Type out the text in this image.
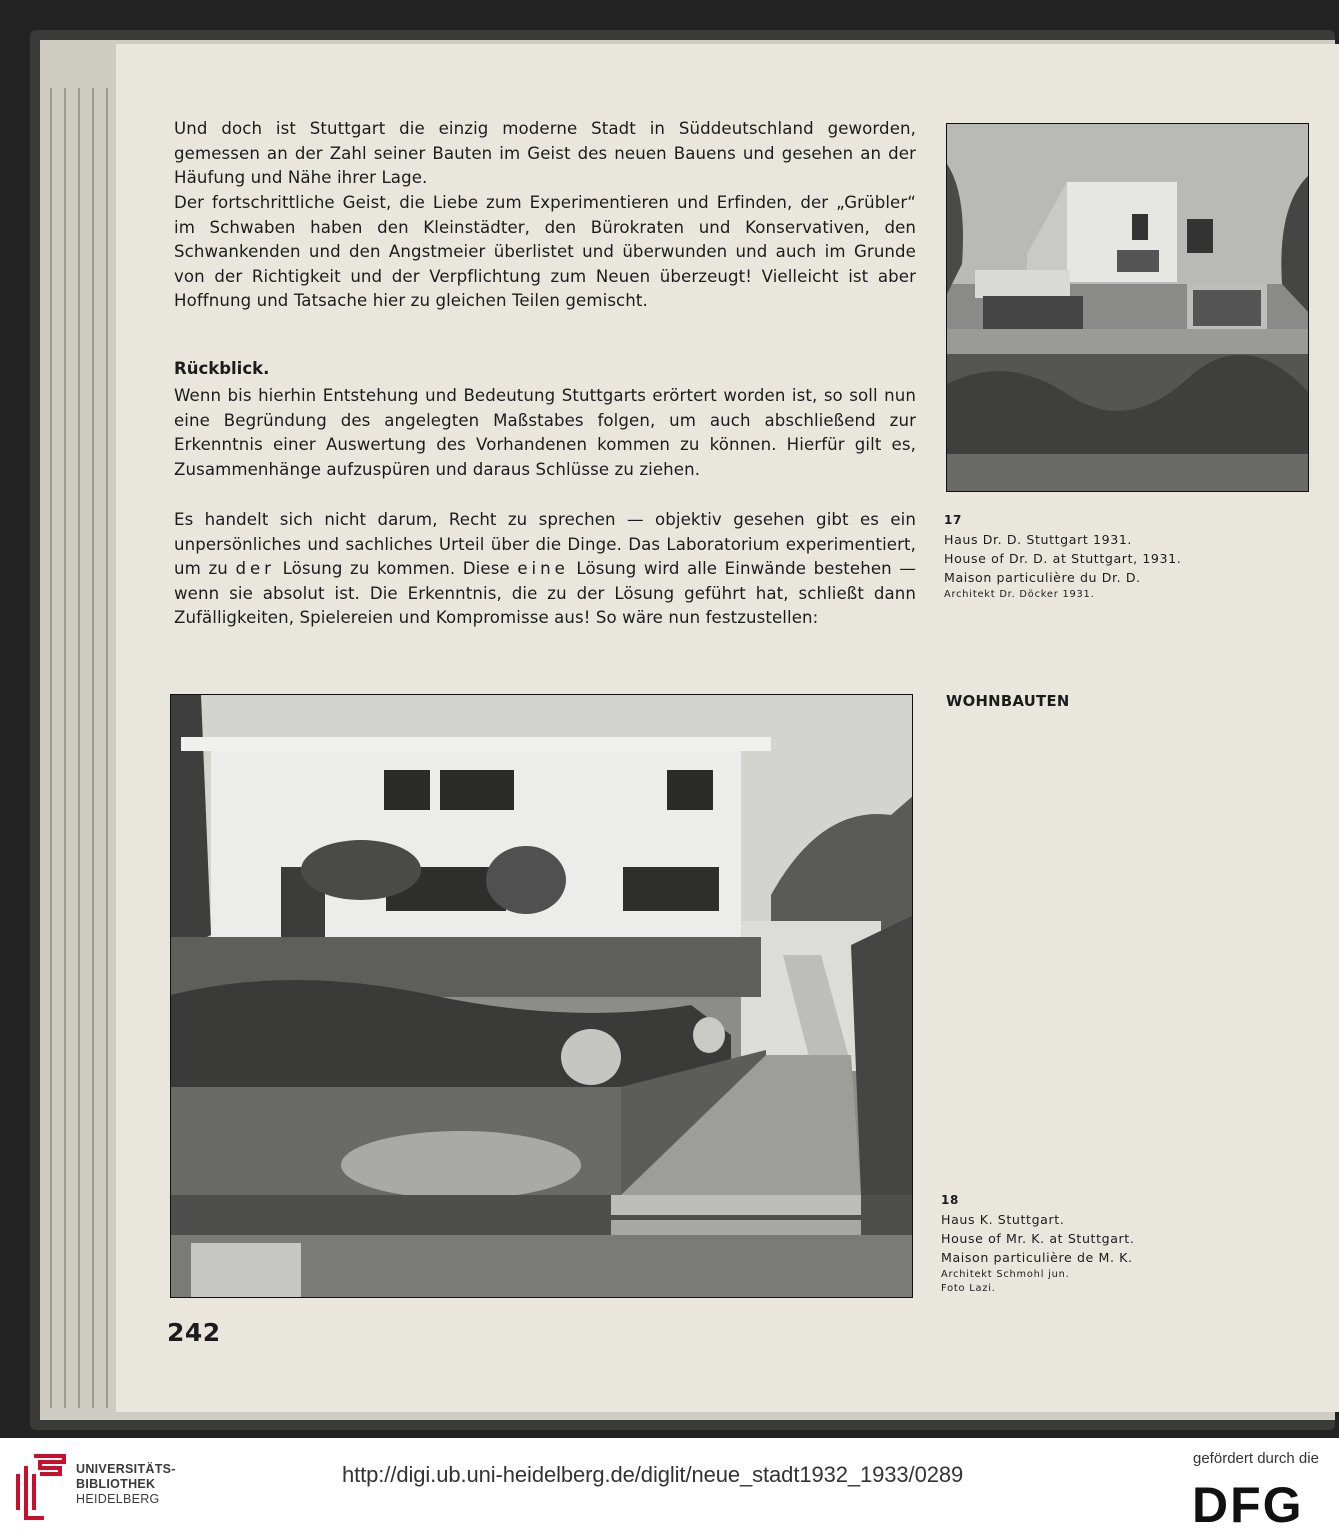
Und doch ist Stuttgart die einzig moderne Stadt in Süddeutschland geworden, gemessen an der Zahl seiner Bauten im Geist des neuen Bauens und gesehen an der Häufung und Nähe ihrer Lage.

Der fortschrittliche Geist, die Liebe zum Experimentieren und Erfinden, der „Grübler“ im Schwaben haben den Kleinstädter, den Bürokraten und Konservativen, den Schwankenden und den Angstmeier überlistet und überwunden und auch im Grunde von der Richtigkeit und der Verpflichtung zum Neuen überzeugt! Vielleicht ist aber Hoffnung und Tatsache hier zu gleichen Teilen gemischt.

Rückblick.

Wenn bis hierhin Entstehung und Bedeutung Stuttgarts erörtert worden ist, so soll nun eine Begründung des angelegten Maßstabes folgen, um auch abschließend zur Erkenntnis einer Auswertung des Vorhandenen kommen zu können. Hierfür gilt es, Zusammenhänge aufzuspüren und daraus Schlüsse zu ziehen.

Es handelt sich nicht darum, Recht zu sprechen — objektiv gesehen gibt es ein unpersönliches und sachliches Urteil über die Dinge. Das Laboratorium experimentiert, um zu der Lösung zu kommen. Diese eine Lösung wird alle Einwände bestehen — wenn sie absolut ist. Die Erkenntnis, die zu der Lösung geführt hat, schließt dann Zufälligkeiten, Spielereien und Kompromisse aus! So wäre nun festzustellen:

17
Haus Dr. D. Stuttgart 1931.
House of Dr. D. at Stuttgart, 1931.
Maison particulière du Dr. D.
Architekt Dr. Döcker 1931.
WOHNBAUTEN
18
Haus K. Stuttgart.
House of Mr. K. at Stuttgart.
Maison particulière de M. K.
Architekt Schmohl jun.
Foto Lazi.
242
UNIVERSITÄTS-
BIBLIOTHEK
HEIDELBERG
http://digi.ub.uni-heidelberg.de/diglit/neue_stadt1932_1933/0289
gefördert durch die
DFG
